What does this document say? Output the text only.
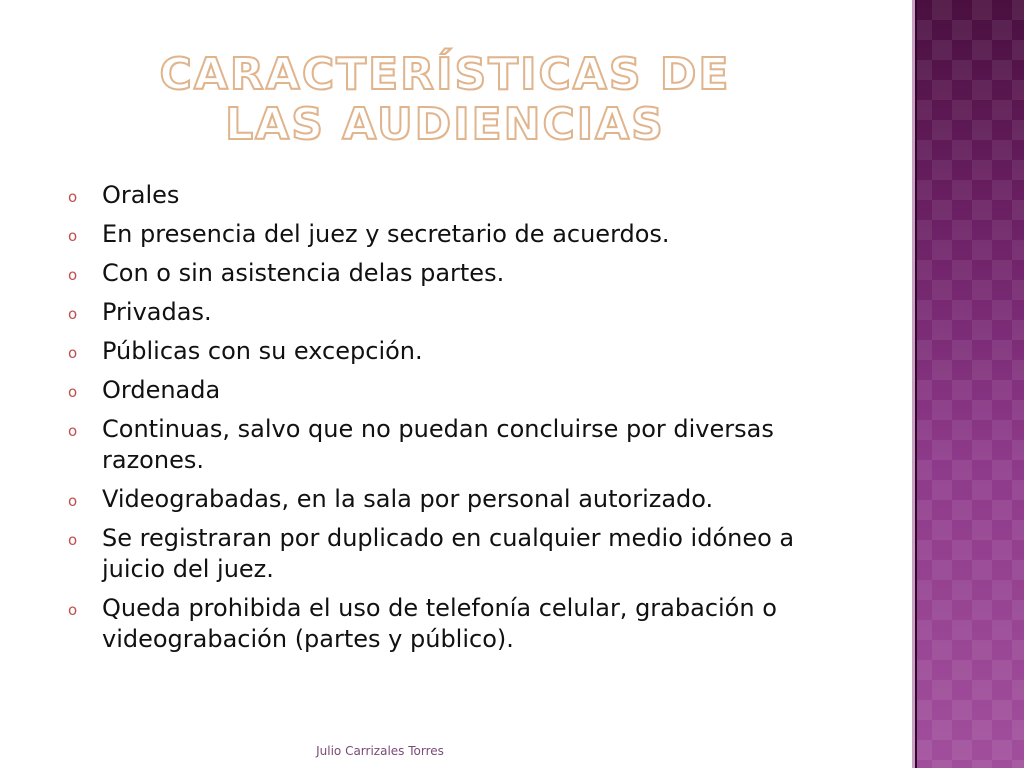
CARACTERÍSTICAS DE LAS AUDIENCIAS
o Orales
o En presencia del juez y secretario de acuerdos.
o Con o sin asistencia delas partes.
o Privadas.
o Públicas con su excepción.
o Ordenada
o Continuas, salvo que no puedan concluirse por diversas razones.
o Videograbadas, en la sala por personal autorizado.
o Se registraran por duplicado en cualquier medio idóneo a juicio del juez.
o Queda prohibida el uso de telefonía celular, grabación o videograbación (partes y público).
Julio Carrizales Torres
